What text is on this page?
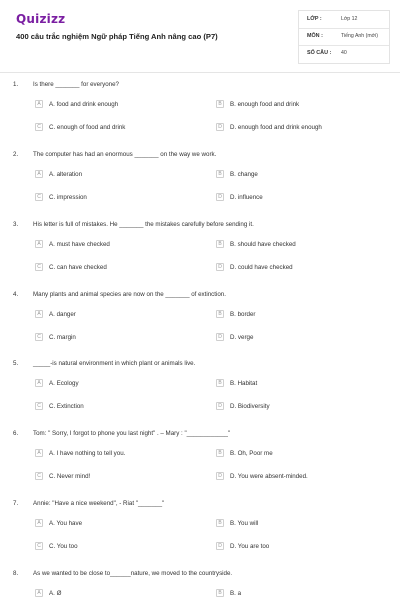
Quizizz
400 câu trắc nghiệm Ngữ pháp Tiếng Anh nâng cao (P7)
LỚP :	Lớp 12
MÔN :	Tiếng Anh (mới)
SỐ CÂU : 40
1. Is there _______ for everyone?
A	A. food and drink enough	B	B. enough food and drink
C	C. enough of food and drink	D	D. enough food and drink enough
2. The computer has had an enormous _______ on the way we work.
A	A. alteration	B	B. change
C	C. impression	D	D. influence
3. His letter is full of mistakes. He _______ the mistakes carefully before sending it.
A	A. must have checked	B	B. should have checked
C	C. can have checked	D	D. could have checked
4. Many plants and animal species are now on the _______ of extinction.
A	A. danger	B	B. border
C	C. margin	D	D. verge
5. _____-is natural environment in which plant or animals live.
A	A. Ecology	B	B. Habitat
C	C. Extinction	D	D. Biodiversity
6. Tom: " Sorry, I forgot to phone you last night" . – Mary : "____________"
A	A. I have nothing to tell you.	B	B. Oh, Poor me
C	C. Never mind!	D	D. You were absent-minded.
7. Annie: "Have a nice weekend", - Riat "_______"
A	A. You have	B	B. You will
C	C. You too	D	D. You are too
8. As we wanted to be close to______nature, we moved to the countryside.
A	A. Ø	B	B. a
